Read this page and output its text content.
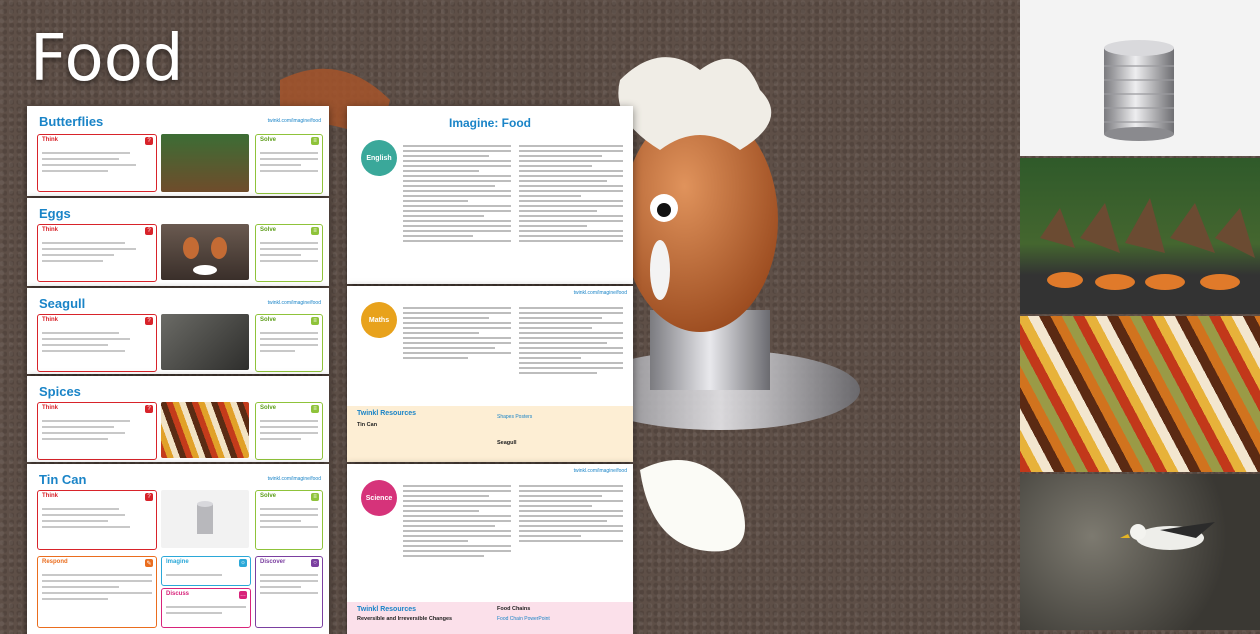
Food
Butterflies	twinkl.com/imagine/food
Think	?	Solve	≡
Eggs
Think	?	Solve	≡
Seagull	twinkl.com/imagine/food
Think	?	Solve	≡
Spices
Think	?	Solve	≡
Tin Can	twinkl.com/imagine/food
Think	?	Solve	≡
Respond	✎ Imagine	☼
Discuss	…
Discover	○
Imagine: Food
English
twinkl.com/imagine/food
Maths
Twinkl Resources
Tin Can
Shapes Posters
Seagull
twinkl.com/imagine/food
Science
Twinkl Resources
Reversible and Irreversible Changes
Food Chains
Food Chain PowerPoint
